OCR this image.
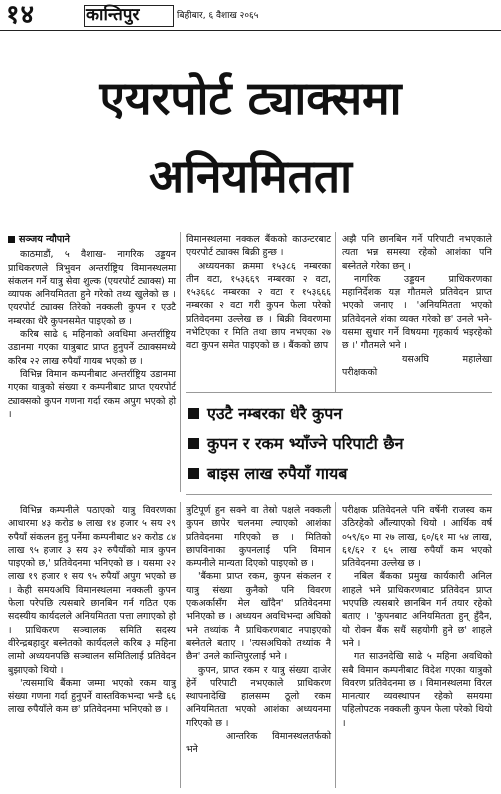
१४	कान्तिपुर	बिहीबार, ६ वैशाख २०६५
एयरपोर्ट ट्याक्समा
अनियमितता
सञ्जय न्यौपाने

काठमाडौं, ५ वैशाख- नागरिक उड्डयन प्राधिकरणले त्रिभुवन अन्तर्राष्ट्रिय विमानस्थलमा संकलन गर्ने यात्रु सेवा शुल्क (एयरपोर्ट ट्याक्स) मा व्यापक अनियमितता हुने गरेको तथ्य खुलेको छ । एयरपोर्ट ट्याक्स तिरेको नक्कली कुपन र एउटै नम्बरका धेरै कुपनसमेत पाइएको छ ।

करिब साढे ६ महिनाको अवधिमा अन्तर्राष्ट्रिय उडानमा गएका यात्रुबाट प्राप्त हुनुपर्ने ट्याक्समध्ये करिब २२ लाख रुपैयाँ गायब भएको छ ।

विभिन्न विमान कम्पनीबाट अन्तर्राष्ट्रिय उडानमा गएका यात्रुको संख्या र कम्पनीबाट प्राप्त एयरपोर्ट ट्याक्सको कुपन गणना गर्दा रकम अपुग भएको हो ।

विभिन्न कम्पनीले पठाएको यात्रु विवरणका आधारमा ४३ करोड ७ लाख १४ हजार ५ सय २९ रुपैयाँ संकलन हुनु पर्नेमा कम्पनीबाट ४२ करोड ८४ लाख ९५ हजार ३ सय ३२ रुपैयाँको मात्र कुपन पाइएको छ,' प्रतिवेदनमा भनिएको छ । यसमा २२ लाख १९ हजार १ सय ९५ रुपैयाँ अपुग भएको छ । केही समयअघि विमानस्थलमा नक्कली कुपन फेला परेपछि त्यसबारे छानबिन गर्न गठित एक सदस्यीय कार्यदलले अनियमितता पत्ता लगाएको हो । प्राधिकरण सञ्चालक समिति सदस्य वीरेन्द्रबहादुर बस्नेतको कार्यदलले करिब ३ महिना लामो अध्ययनपछि सञ्चालन समितिलाई प्रतिवेदन बुझाएको थियो ।

'त्यसमाथि बैंकमा जम्मा भएको रकम यात्रु संख्या गणना गर्दा हुनुपर्ने वास्तविकभन्दा भन्डै ६६ लाख रुपैयाँले कम छ' प्रतिवेदनमा भनिएको छ ।

विमानस्थलमा नक्कल बैंकको काउन्टरबाट एयरपोर्ट ट्याक्स बिक्री हुन्छ ।

अध्ययनका क्रममा १५३८६ नम्बरका तीन वटा, १५३६६९ नम्बरका २ वटा, १५३६६८ नम्बरका २ वटा र १५३६६६ नम्बरका २ वटा गरी कुपन फेला परेको प्रतिवेदनमा उल्लेख छ । बिक्री विवरणमा नभेटिएका र मिति तथा छाप नभएका २७ वटा कुपन समेत पाइएको छ । बैंकको छाप

अझै पनि छानबिन गर्ने परिपाटी नभएकाले त्यता भन्न समस्या रहेको आशंका पनि बस्नेतले गरेका छन् ।

नागरिक उड्डयन प्राधिकरणका महानिर्देशक यज्ञ गौतमले प्रतिवेदन प्राप्त भएको जनाए । 'अनियमितता भएको प्रतिवेदनले शंका व्यक्त गरेको छ' उनले भने- यसमा सुधार गर्ने विषयमा गृहकार्य भइरहेको छ ।' गौतमले भने ।

यसअघि महालेखा परीक्षकको

एउटै नम्बरका धेरै कुपन
कुपन र रकम भ्याँज्ने परिपाटी छैन
बाइस लाख रुपैयाँ गायब

त्रुटिपूर्ण हुन सक्ने वा तेस्रो पक्षले नक्कली कुपन छापेर चलनमा ल्याएको आशंका प्रतिवेदनमा गरिएको छ । मितिको छापविनाका कुपनलाई पनि विमान कम्पनीले मान्यता दिएको पाइएको छ ।

'बैंकमा प्राप्त रकम, कुपन संकलन र यात्रु संख्या कुनैको पनि विवरण एकअर्कासँग मेल खाँदैन' प्रतिवेदनमा भनिएको छ । अध्ययन अवधिभन्दा अघिको भने तथ्यांक नै प्राधिकरणबाट नपाइएको बस्नेतले बताए । 'त्यसअघिको तथ्यांक नै छैन' उनले कान्तिपुरलाई भने ।

कुपन, प्राप्त रकम र यात्रु संख्या दाजेर हेर्ने परिपाटी नभएकाले प्राधिकरण स्थापनादेखि हालसम्म ठूलो रकम अनियमितता भएको आशंका अध्ययनमा गरिएको छ ।

आन्तरिक विमानस्थलतर्फको भने

परीक्षक प्रतिवेदनले पनि वर्षेनी राजस्व कम उठिरहेको औंल्याएको थियो । आर्थिक वर्ष ०५९/६० मा २७ लाख, ६०/६१ मा ५४ लाख, ६१/६२ र ६५ लाख रुपैयाँ कम भएको प्रतिवेदनमा उल्लेख छ ।

नबिल बैंकका प्रमुख कार्यकारी अनिल शाहले भने प्राधिकरणबाट प्रतिवेदन प्राप्त भएपछि त्यसबारे छानबिन गर्न तयार रहेको बताए । 'कुपनबाट अनियमितता हुन् हुँदैन, यो रोक्न बैंक सधैं सहयोगी हुने छ' शाहले भने ।

गत साउनदेखि साढे ५ महिना अवधिको सबै विमान कम्पनीबाट विदेश गएका यात्रुको विवरण प्रतिवेदनमा छ । विमानस्थलमा विरल मानत्यार व्यवस्थापन रहेको समयमा पहिलोपटक नक्कली कुपन फेला परेको थियो ।
